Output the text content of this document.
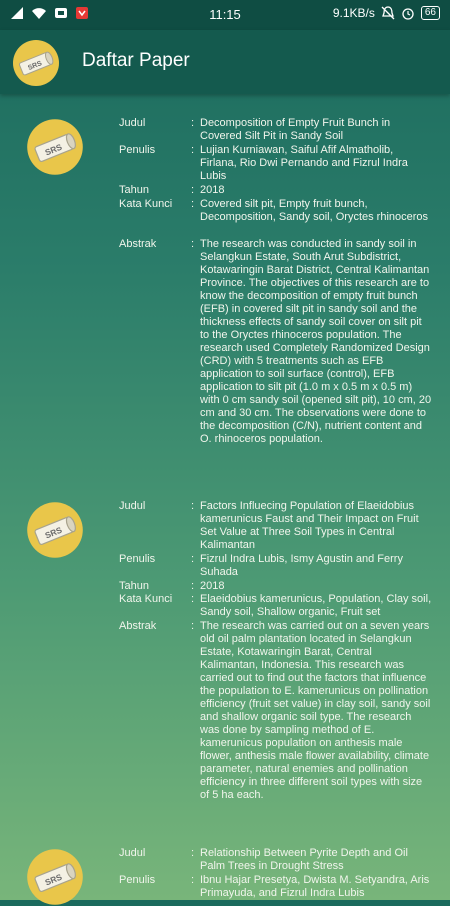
11:15	9.1KB/s	66
SRS Daftar Paper
SRS
Judul	: Decomposition of Empty Fruit Bunch in Covered Silt Pit in Sandy Soil
Penulis	: Lujian Kurniawan, Saiful Afif Almatholib, Firlana, Rio Dwi Pernando and Fizrul Indra Lubis
Tahun	: 2018
Kata Kunci	: Covered silt pit, Empty fruit bunch, Decomposition, Sandy soil, Oryctes rhinoceros
Abstrak	: The research was conducted in sandy soil in Selangkun Estate, South Arut Subdistrict, Kotawaringin Barat District, Central Kalimantan Province. The objectives of this research are to know the decomposition of empty fruit bunch (EFB) in covered silt pit in sandy soil and the thickness effects of sandy soil cover on silt pit to the Oryctes rhinoceros population. The research used Completely Randomized Design (CRD) with 5 treatments such as EFB application to soil surface (control), EFB application to silt pit (1.0 m x 0.5 m x 0.5 m) with 0 cm sandy soil (opened silt pit), 10 cm, 20 cm and 30 cm. The observations were done to the decomposition (C/N), nutrient content and O. rhinoceros population.
SRS
Judul	: Factors Influecing Population of Elaeidobius kamerunicus Faust and Their Impact on Fruit Set Value at Three Soil Types in Central Kalimantan
Penulis	: Fizrul Indra Lubis, Ismy Agustin and Ferry Suhada
Tahun	: 2018
Kata Kunci	: Elaeidobius kamerunicus, Population, Clay soil, Sandy soil, Shallow organic, Fruit set
Abstrak	: The research was carried out on a seven years old oil palm plantation located in Selangkun Estate, Kotawaringin Barat, Central Kalimantan, Indonesia. This research was carried out to find out the factors that influence the population to E. kamerunicus on pollination efficiency (fruit set value) in clay soil, sandy soil and shallow organic soil type. The research was done by sampling method of E. kamerunicus population on anthesis male flower, anthesis male flower availability, climate parameter, natural enemies and pollination efficiency in three different soil types with size of 5 ha each.
SRS
Judul	: Relationship Between Pyrite Depth and Oil Palm Trees in Drought Stress
Penulis	: Ibnu Hajar Presetya, Dwista M. Setyandra, Aris Primayuda, and Fizrul Indra Lubis
